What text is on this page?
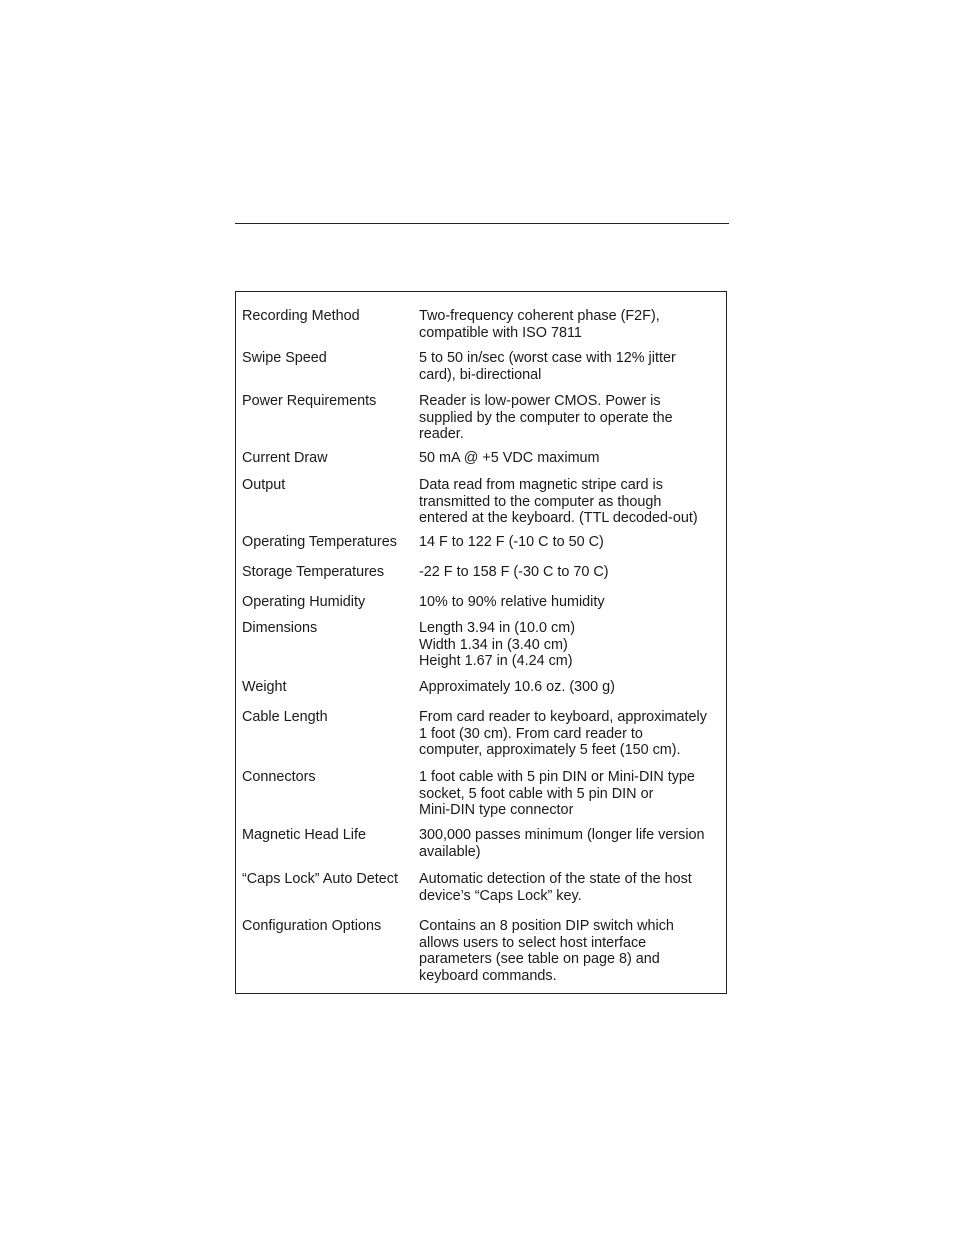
Recording Method	Two-frequency coherent phase (F2F),
compatible with ISO 7811
Swipe Speed	5 to 50 in/sec (worst case with 12% jitter
card), bi-directional
Power Requirements	Reader is low-power CMOS. Power is
supplied by the computer to operate the
reader.
Current Draw	50 mA @ +5 VDC maximum
Output	Data read from magnetic stripe card is
transmitted to the computer as though
entered at the keyboard. (TTL decoded-out)
Operating Temperatures	14 F to 122 F (-10 C to 50 C)
Storage Temperatures	-22 F to 158 F (-30 C to 70 C)
Operating Humidity	10% to 90% relative humidity
Dimensions	Length 3.94 in (10.0 cm)
Width 1.34 in (3.40 cm)
Height 1.67 in (4.24 cm)
Weight	Approximately 10.6 oz. (300 g)
Cable Length	From card reader to keyboard, approximately
1 foot (30 cm). From card reader to
computer, approximately 5 feet (150 cm).
Connectors	1 foot cable with 5 pin DIN or Mini-DIN type
socket, 5 foot cable with 5 pin DIN or
Mini-DIN type connector
Magnetic Head Life	300,000 passes minimum (longer life version
available)
“Caps Lock” Auto Detect	Automatic detection of the state of the host
device’s “Caps Lock” key.
Configuration Options	Contains an 8 position DIP switch which
allows users to select host interface
parameters (see table on page 8) and
keyboard commands.
